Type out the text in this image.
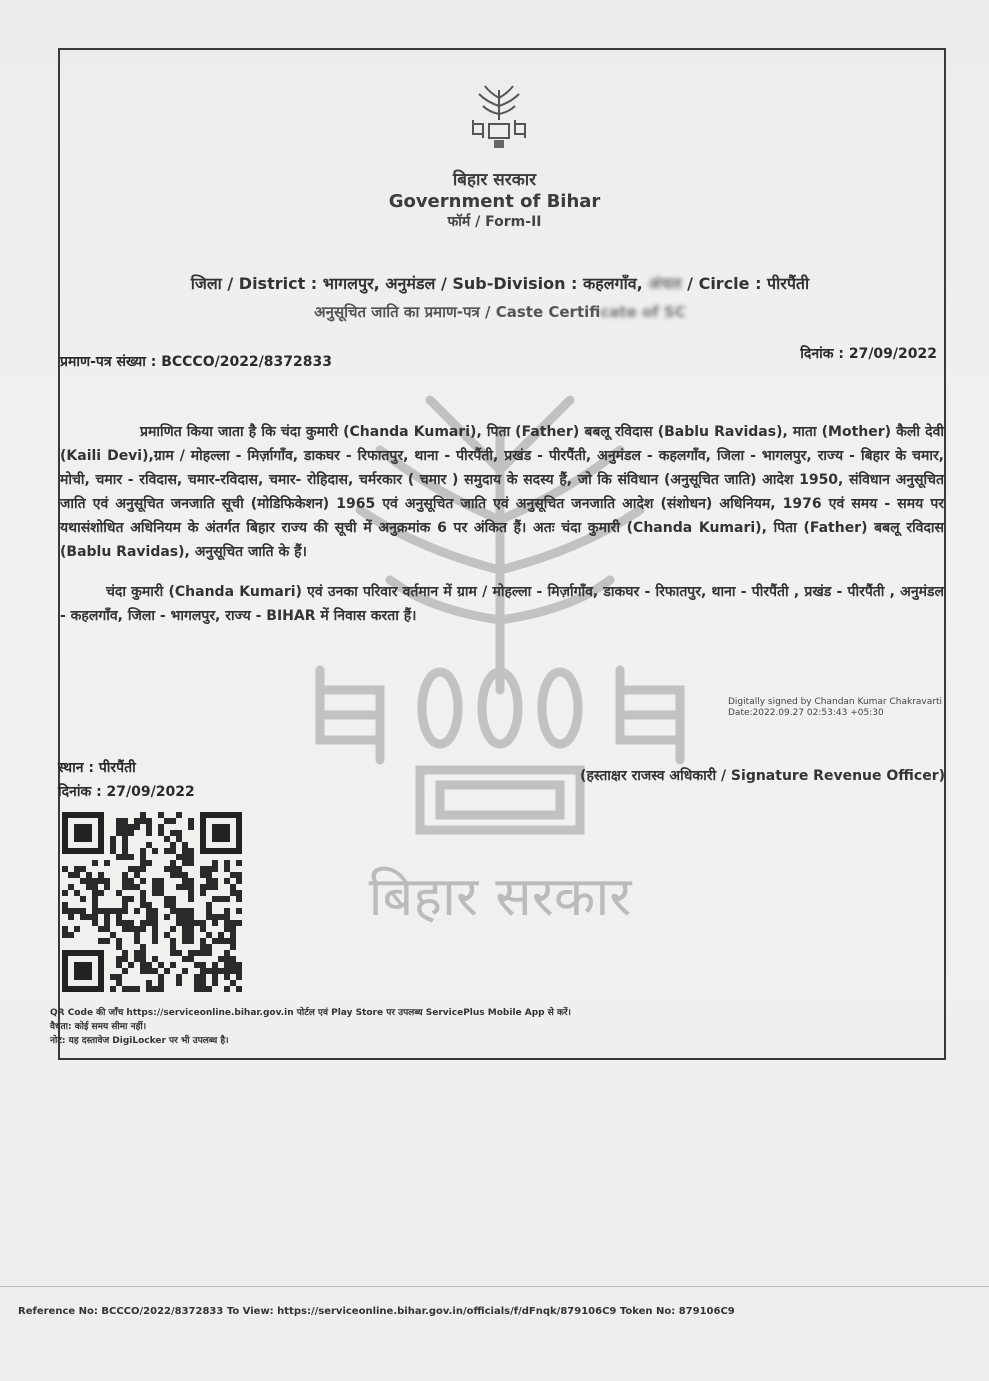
बिहार सरकार
Government of Bihar
फॉर्म / Form-II
जिला / District : भागलपुर, अनुमंडल / Sub-Division : कहलगाँव, अंचल / Circle : पीरपैंती
अनुसूचित जाति का प्रमाण-पत्र / Caste Certificate of SC
प्रमाण-पत्र संख्या : BCCCO/2022/8372833	दिनांक : 27/09/2022
बिहार सरकार

प्रमाणित किया जाता है कि चंदा कुमारी (Chanda Kumari), पिता (Father) बबलू रविदास (Bablu Ravidas), माता (Mother) कैली देवी (Kaili Devi),ग्राम / मोहल्ला - मिर्ज़ागाँव, डाकघर - रिफातपुर, थाना - पीरपैंती, प्रखंड - पीरपैंती, अनुमंडल - कहलगाँव, जिला - भागलपुर, राज्य - बिहार के चमार, मोची, चमार - रविदास, चमार-रविदास, चमार- रोहिदास, चर्मरकार ( चमार ) समुदाय के सदस्य हैं, जो कि संविधान (अनुसूचित जाति) आदेश 1950, संविधान अनुसूचित जाति एवं अनुसूचित जनजाति सूची (मोडिफिकेशन) 1965 एवं अनुसूचित जाति एवं अनुसूचित जनजाति आदेश (संशोधन) अधिनियम, 1976 एवं समय - समय पर यथासंशोधित अधिनियम के अंतर्गत बिहार राज्य की सूची में अनुक्रमांक 6 पर अंकित हैं। अतः चंदा कुमारी (Chanda Kumari), पिता (Father) बबलू रविदास (Bablu Ravidas), अनुसूचित जाति के हैं।

चंदा कुमारी (Chanda Kumari) एवं उनका परिवार वर्तमान में ग्राम / मोहल्ला - मिर्ज़ागाँव, डाकघर - रिफातपुर, थाना - पीरपैंती , प्रखंड - पीरपैंती , अनुमंडल - कहलगाँव, जिला - भागलपुर, राज्य - BIHAR में निवास करता हैं।

Digitally signed by Chandan Kumar Chakravarti
Date:2022.09.27 02:53:43 +05:30
(हस्ताक्षर राजस्व अधिकारी / Signature Revenue Officer)
स्थान : पीरपैंती
दिनांक : 27/09/2022
QR Code की जाँच https://serviceonline.bihar.gov.in पोर्टल एवं Play Store पर उपलब्ध ServicePlus Mobile App से करें।
वैधता: कोई समय सीमा नहीं।
नोट: यह दस्तावेज DigiLocker पर भी उपलब्ध है।
Reference No: BCCCO/2022/8372833 To View: https://serviceonline.bihar.gov.in/officials/f/dFnqk/879106C9 Token No: 879106C9
